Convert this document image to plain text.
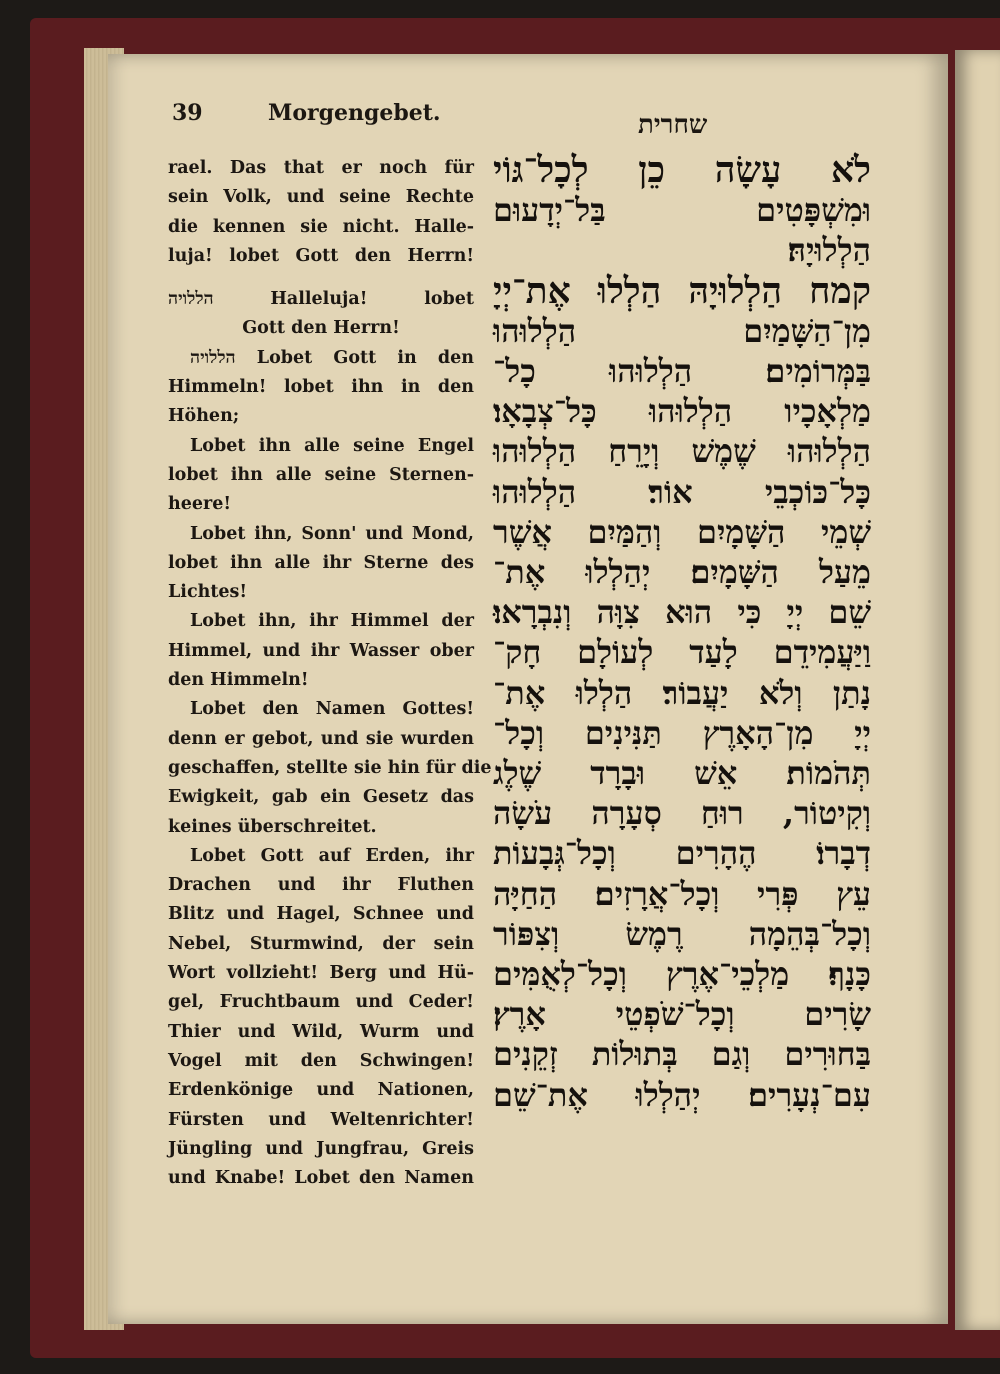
39	Morgengebet.	שחרית
rael. Das that er noch für
sein Volk, und seine Rechte
die kennen sie nicht. Halle-
luja! lobet Gott den Herrn!
הללויה Halleluja! lobet
Gott den Herrn!
הללויה Lobet Gott in den
Himmeln! lobet ihn in den
Höhen;
Lobet ihn alle seine Engel
lobet ihn alle seine Sternen-
heere!
Lobet ihn, Sonn' und Mond,
lobet ihn alle ihr Sterne des
Lichtes!
Lobet ihn, ihr Himmel der
Himmel, und ihr Wasser ober
den Himmeln!
Lobet den Namen Gottes!
denn er gebot, und sie wurden
geschaffen, stellte sie hin für die
Ewigkeit, gab ein Gesetz das
keines überschreitet.
Lobet Gott auf Erden, ihr
Drachen und ihr Fluthen
Blitz und Hagel, Schnee und
Nebel, Sturmwind, der sein
Wort vollzieht! Berg und Hü-
gel, Fruchtbaum und Ceder!
Thier und Wild, Wurm und
Vogel mit den Schwingen!
Erdenkönige und Nationen,
Fürsten und Weltenrichter!
Jüngling und Jungfrau, Greis
und Knabe! Lobet den Namen
לֹא עָשָׂה כֵן לְכָל־גּוֹי
וּמִשְׁפָּטִים בַּל־יְדָעוּם
הַלְלוּיָהּ׃
קמח הַלְלוּיָהּ הַלְלוּ אֶת־יְיָ
מִן־הַשָּׁמַיִם הַלְלוּהוּ
בַּמְּרוֹמִים׃ הַלְלוּהוּ כָל־
מַלְאָכָיו הַלְלוּהוּ כָּל־צְבָאָו׃
הַלְלוּהוּ שֶׁמֶשׁ וְיָרֵחַ הַלְלוּהוּ
כָּל־כּוֹכְבֵי אוֹר׃ הַלְלוּהוּ
שְׁמֵי הַשָּׁמָיִם וְהַמַּיִם אֲשֶׁר
מֵעַל הַשָּׁמָיִם׃ יְהַלְלוּ אֶת־
שֵׁם יְיָ כִּי הוּא צִוָּה וְנִבְרָאוּ׃
וַיַּעֲמִידֵם לָעַד לְעוֹלָם חָק־
נָתַן וְלֹא יַעֲבוֹר׃ הַלְלוּ אֶת־
יְיָ מִן־הָאָרֶץ תַּנִּינִים וְכָל־
תְּהֹמוֹת׃ אֵשׁ וּבָרָד שֶׁלֶג
וְקִיטוֹר, רוּחַ סְעָרָה עֹשָׂה
דְבָרוֹ׃ הֶהָרִים וְכָל־גְּבָעוֹת
עֵץ פְּרִי וְכָל־אֲרָזִים׃ הַחַיָּה
וְכָל־בְּהֵמָה רֶמֶשׂ וְצִפּוֹר
כָּנָף׃ מַלְכֵי־אֶרֶץ וְכָל־לְאֻמִּים
שָׂרִים וְכָל־שֹׁפְטֵי אָרֶץ׃
בַּחוּרִים וְגַם בְּתוּלוֹת זְקֵנִים
עִם־נְעָרִים׃ יְהַלְלוּ אֶת־שֵׁם
